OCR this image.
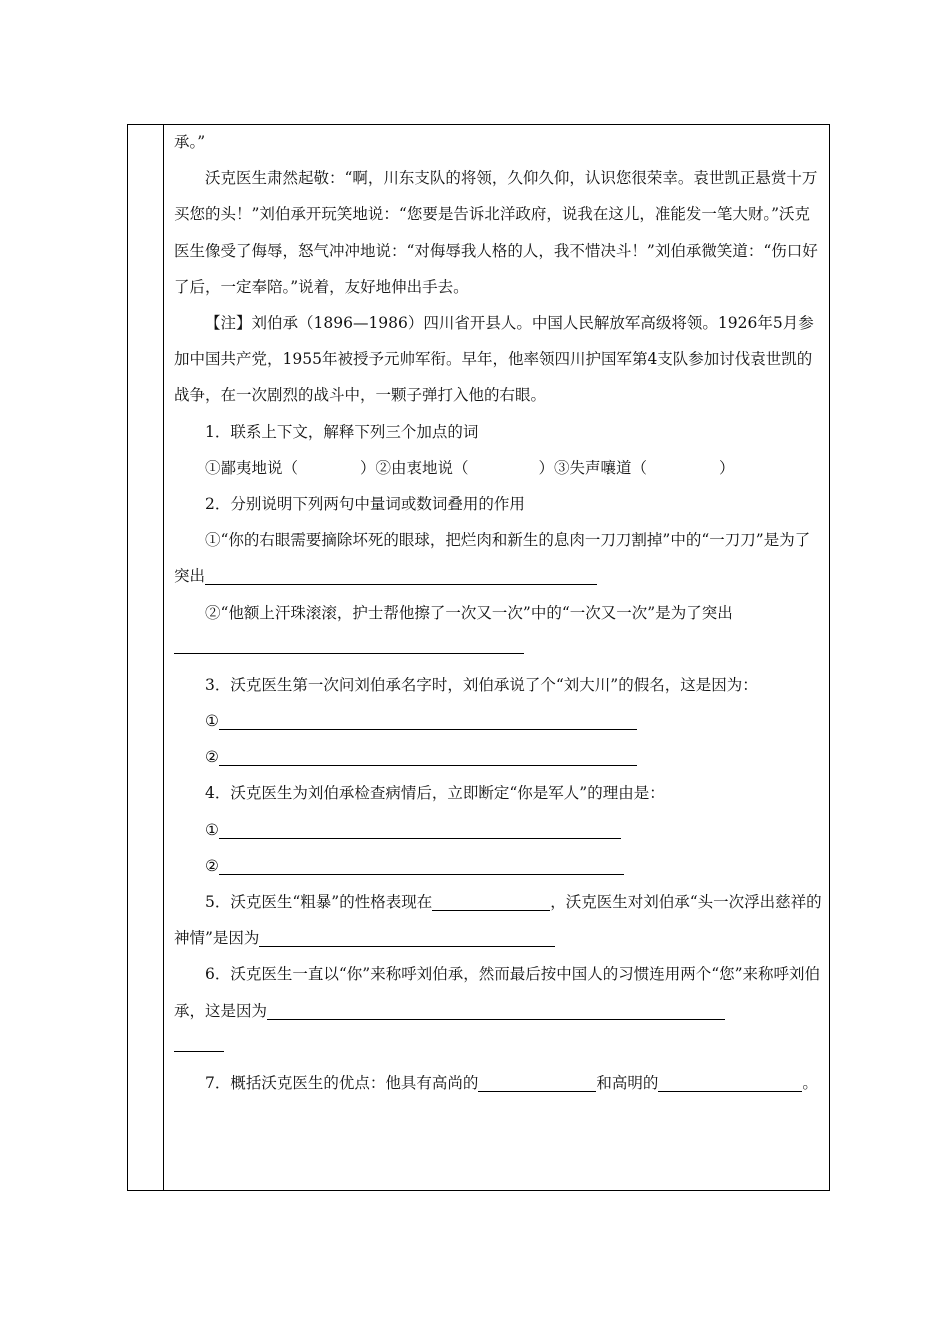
承。”

沃克医生肃然起敬：“啊，川东支队的将领，久仰久仰，认识您很荣幸。袁世凯正悬赏十万买您的头！”刘伯承开玩笑地说：“您要是告诉北洋政府，说我在这儿，准能发一笔大财。”沃克医生像受了侮辱，怒气冲冲地说：“对侮辱我人格的人，我不惜决斗！”刘伯承微笑道：“伤口好了后，一定奉陪。”说着，友好地伸出手去。

【注】刘伯承（1896—1986）四川省开县人。中国人民解放军高级将领。1926年5月参加中国共产党，1955年被授予元帅军衔。早年，他率领四川护国军第4支队参加讨伐袁世凯的战争，在一次剧烈的战斗中，一颗子弹打入他的右眼。

1．联系上下文，解释下列三个加点的词

①鄙夷地说（	）②由衷地说（	）③失声嚷道（	）

2．分别说明下列两句中量词或数词叠用的作用

①“你的右眼需要摘除坏死的眼球，把烂肉和新生的息肉一刀刀割掉”中的“一刀刀”是为了突出

②“他额上汗珠滚滚，护士帮他擦了一次又一次”中的“一次又一次”是为了突出

3．沃克医生第一次问刘伯承名字时，刘伯承说了个“刘大川”的假名，这是因为：

①

②

4．沃克医生为刘伯承检查病情后，立即断定“你是军人”的理由是：

①

②

5．沃克医生“粗暴”的性格表现在	，沃克医生对刘伯承“头一次浮出慈祥的神情”是因为

6．沃克医生一直以“你”来称呼刘伯承，然而最后按中国人的习惯连用两个“您”来称呼刘伯承，这是因为

7．概括沃克医生的优点：他具有高尚的	和高明的	。
